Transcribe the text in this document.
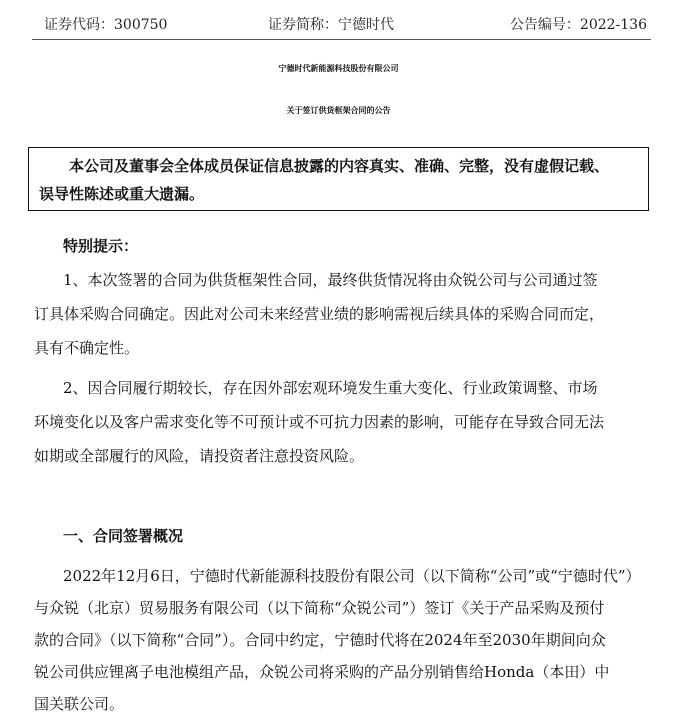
证券代码：300750	证券简称：宁德时代	公告编号：2022-136
宁德时代新能源科技股份有限公司
关于签订供货框架合同的公告
本公司及董事会全体成员保证信息披露的内容真实、准确、完整，没有虚假记载、
误导性陈述或重大遗漏。
特别提示：
1、本次签署的合同为供货框架性合同，最终供货情况将由众锐公司与公司通过签
订具体采购合同确定。因此对公司未来经营业绩的影响需视后续具体的采购合同而定，
具有不确定性。
2、因合同履行期较长，存在因外部宏观环境发生重大变化、行业政策调整、市场
环境变化以及客户需求变化等不可预计或不可抗力因素的影响，可能存在导致合同无法
如期或全部履行的风险，请投资者注意投资风险。
一、合同签署概况
2022年12月6日，宁德时代新能源科技股份有限公司（以下简称“公司”或“宁德时代”）
与众锐（北京）贸易服务有限公司（以下简称“众锐公司”）签订《关于产品采购及预付
款的合同》（以下简称“合同”）。合同中约定，宁德时代将在2024年至2030年期间向众
锐公司供应锂离子电池模组产品，众锐公司将采购的产品分别销售给Honda（本田）中
国关联公司。
